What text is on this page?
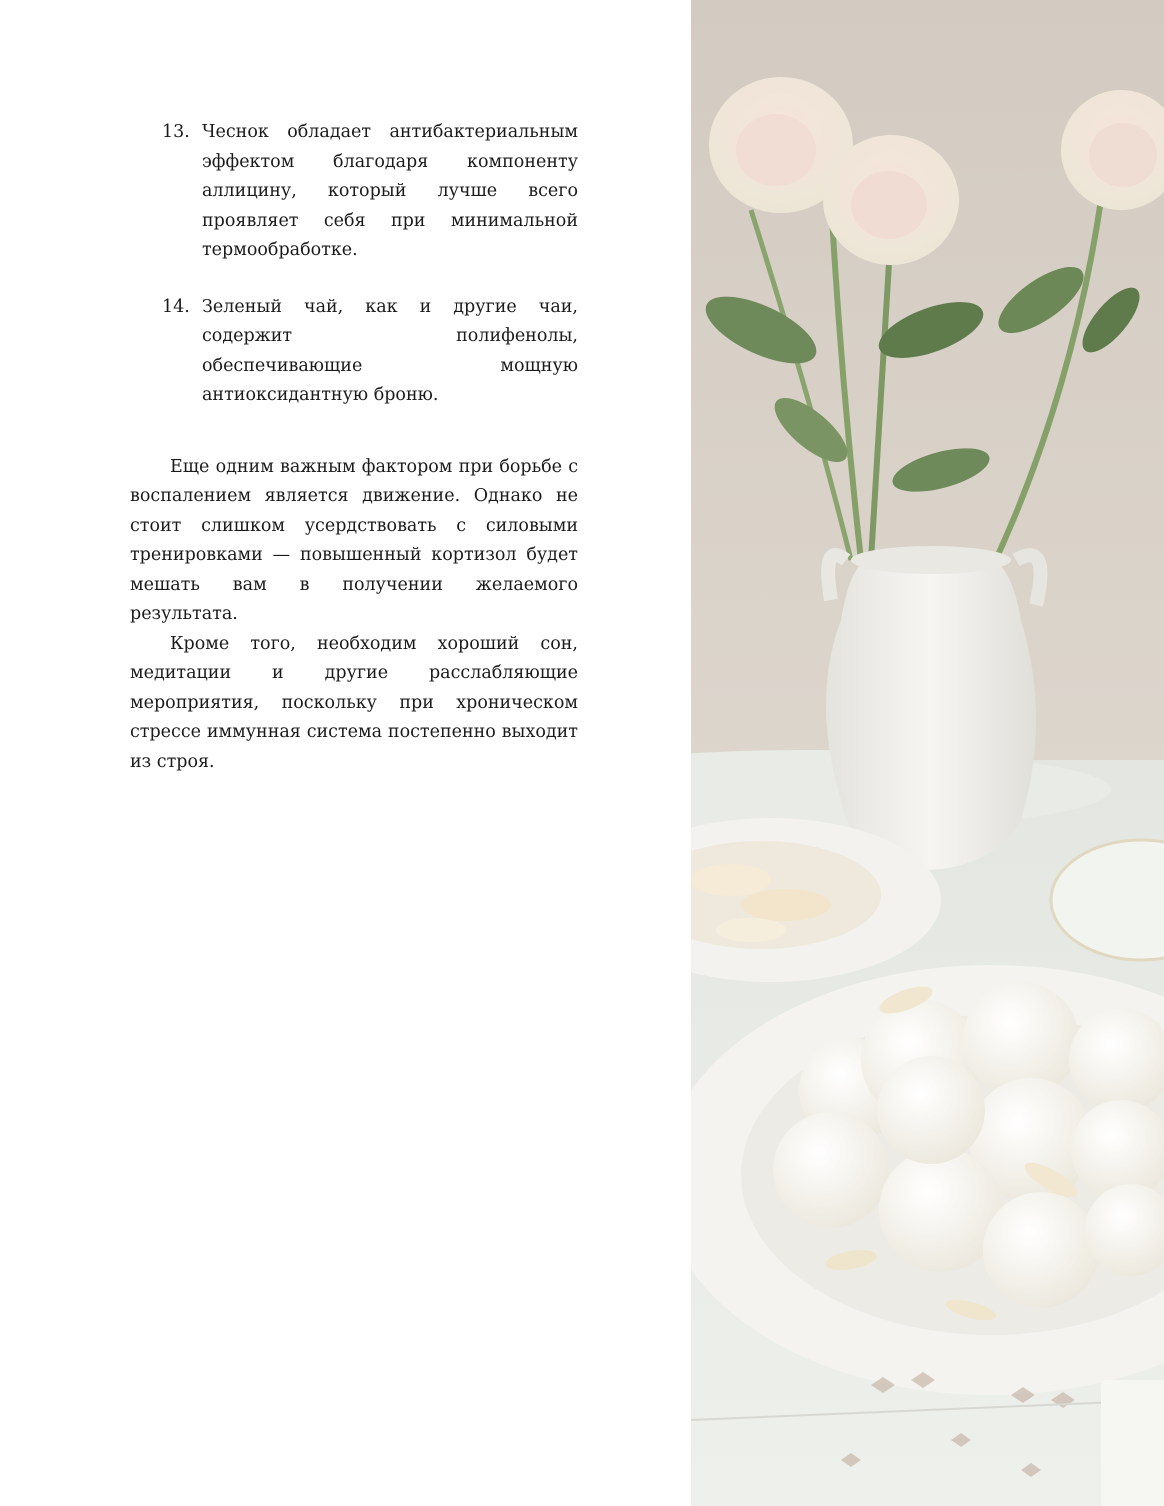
13. Чеснок обладает антибактериальным эффектом благодаря компоненту аллицину, который лучше всего проявляет себя при минимальной термообработке.
14. Зеленый чай, как и другие чаи, содержит полифенолы, обеспечивающие мощную антиоксидантную броню.

Еще одним важным фактором при борьбе с воспалением является движение. Однако не стоит слишком усердствовать с силовыми тренировками — повышенный кортизол будет мешать вам в получении желаемого результата.

Кроме того, необходим хороший сон, медитации и другие расслабляющие мероприятия, поскольку при хроническом стрессе иммунная система постепенно выходит из строя.
